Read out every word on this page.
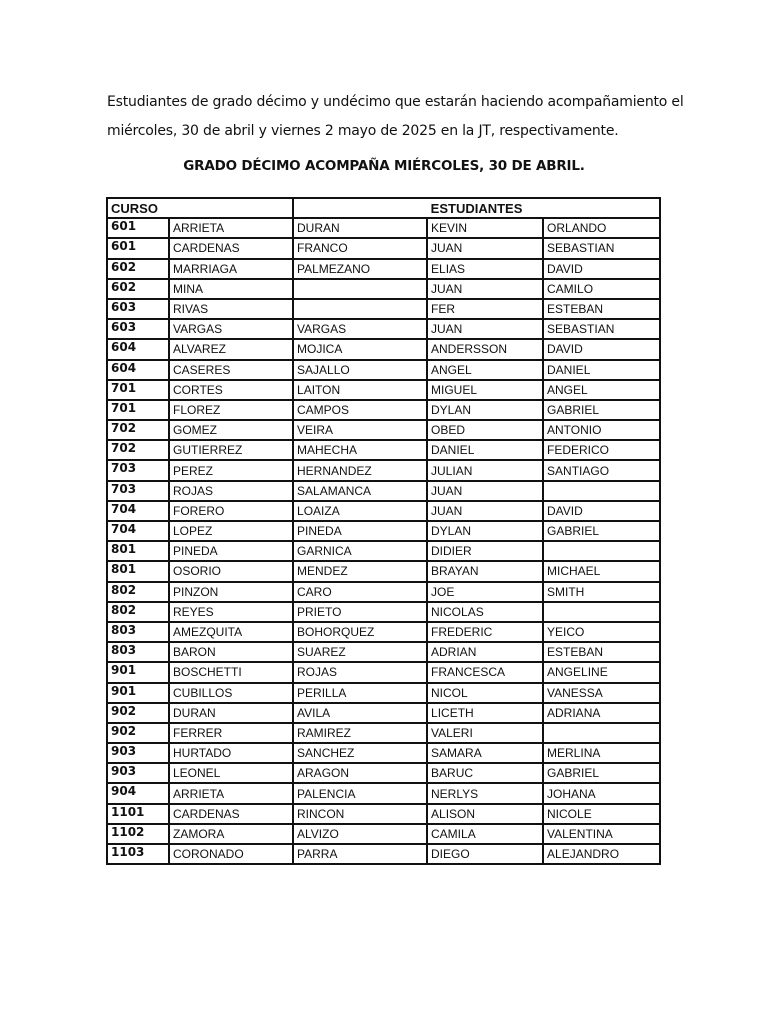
Estudiantes de grado décimo y undécimo que estarán haciendo acompañamiento el

miércoles, 30 de abril y viernes 2 mayo de 2025 en la JT, respectivamente.

GRADO DÉCIMO ACOMPAÑA MIÉRCOLES, 30 DE ABRIL.
CURSO		ESTUDIANTES		
601	ARRIETA	DURAN	KEVIN	ORLANDO
601	CARDENAS	FRANCO	JUAN	SEBASTIAN
602	MARRIAGA	PALMEZANO	ELIAS	DAVID
602	MINA		JUAN	CAMILO
603	RIVAS		FER	ESTEBAN
603	VARGAS	VARGAS	JUAN	SEBASTIAN
604	ALVAREZ	MOJICA	ANDERSSON	DAVID
604	CASERES	SAJALLO	ANGEL	DANIEL
701	CORTES	LAITON	MIGUEL	ANGEL
701	FLOREZ	CAMPOS	DYLAN	GABRIEL
702	GOMEZ	VEIRA	OBED	ANTONIO
702	GUTIERREZ	MAHECHA	DANIEL	FEDERICO
703	PEREZ	HERNANDEZ	JULIAN	SANTIAGO
703	ROJAS	SALAMANCA	JUAN	
704	FORERO	LOAIZA	JUAN	DAVID
704	LOPEZ	PINEDA	DYLAN	GABRIEL
801	PINEDA	GARNICA	DIDIER	
801	OSORIO	MENDEZ	BRAYAN	MICHAEL
802	PINZON	CARO	JOE	SMITH
802	REYES	PRIETO	NICOLAS	
803	AMEZQUITA	BOHORQUEZ	FREDERIC	YEICO
803	BARON	SUAREZ	ADRIAN	ESTEBAN
901	BOSCHETTI	ROJAS	FRANCESCA	ANGELINE
901	CUBILLOS	PERILLA	NICOL	VANESSA
902	DURAN	AVILA	LICETH	ADRIANA
902	FERRER	RAMIREZ	VALERI	
903	HURTADO	SANCHEZ	SAMARA	MERLINA
903	LEONEL	ARAGON	BARUC	GABRIEL
904	ARRIETA	PALENCIA	NERLYS	JOHANA
1101	CARDENAS	RINCON	ALISON	NICOLE
1102	ZAMORA	ALVIZO	CAMILA	VALENTINA
1103	CORONADO	PARRA	DIEGO	ALEJANDRO
